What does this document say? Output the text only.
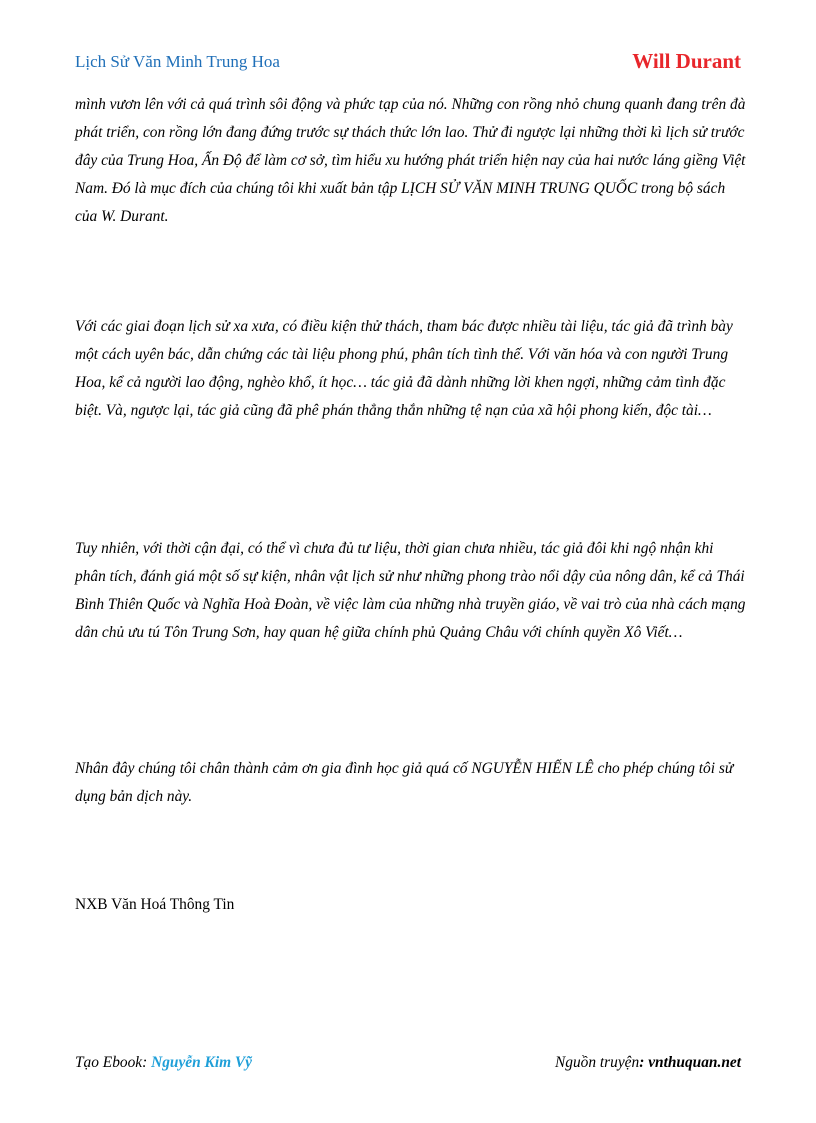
Lịch Sử Văn Minh Trung Hoa	Will Durant

mình vươn lên với cả quá trình sôi động và phức tạp của nó. Những con rồng nhỏ chung quanh đang trên đà phát triển, con rồng lớn đang đứng trước sự thách thức lớn lao. Thử đi ngược lại những thời kì lịch sử trước đây của Trung Hoa, Ấn Độ để làm cơ sở, tìm hiểu xu hướng phát triển hiện nay của hai nước láng giềng Việt Nam. Đó là mục đích của chúng tôi khi xuất bản tập LỊCH SỬ VĂN MINH TRUNG QUỐC trong bộ sách của W. Durant.

Với các giai đoạn lịch sử xa xưa, có điều kiện thử thách, tham bác được nhiều tài liệu, tác giả đã trình bày một cách uyên bác, dẫn chứng các tài liệu phong phú, phân tích tình thế. Với văn hóa và con người Trung Hoa, kể cả người lao động, nghèo khổ, ít học… tác giả đã dành những lời khen ngợi, những cảm tình đặc biệt. Và, ngược lại, tác giả cũng đã phê phán thẳng thắn những tệ nạn của xã hội phong kiến, độc tài…

Tuy nhiên, với thời cận đại, có thể vì chưa đủ tư liệu, thời gian chưa nhiều, tác giả đôi khi ngộ nhận khi phân tích, đánh giá một số sự kiện, nhân vật lịch sử như những phong trào nổi dậy của nông dân, kể cả Thái Bình Thiên Quốc và Nghĩa Hoà Đoàn, về việc làm của những nhà truyền giáo, về vai trò của nhà cách mạng dân chủ ưu tú Tôn Trung Sơn, hay quan hệ giữa chính phủ Quảng Châu với chính quyền Xô Viết…

Nhân đây chúng tôi chân thành cảm ơn gia đình học giả quá cố NGUYỄN HIẾN LÊ cho phép chúng tôi sử dụng bản dịch này.

NXB Văn Hoá Thông Tin
Tạo Ebook: Nguyễn Kim Vỹ	Nguồn truyện: vnthuquan.net
